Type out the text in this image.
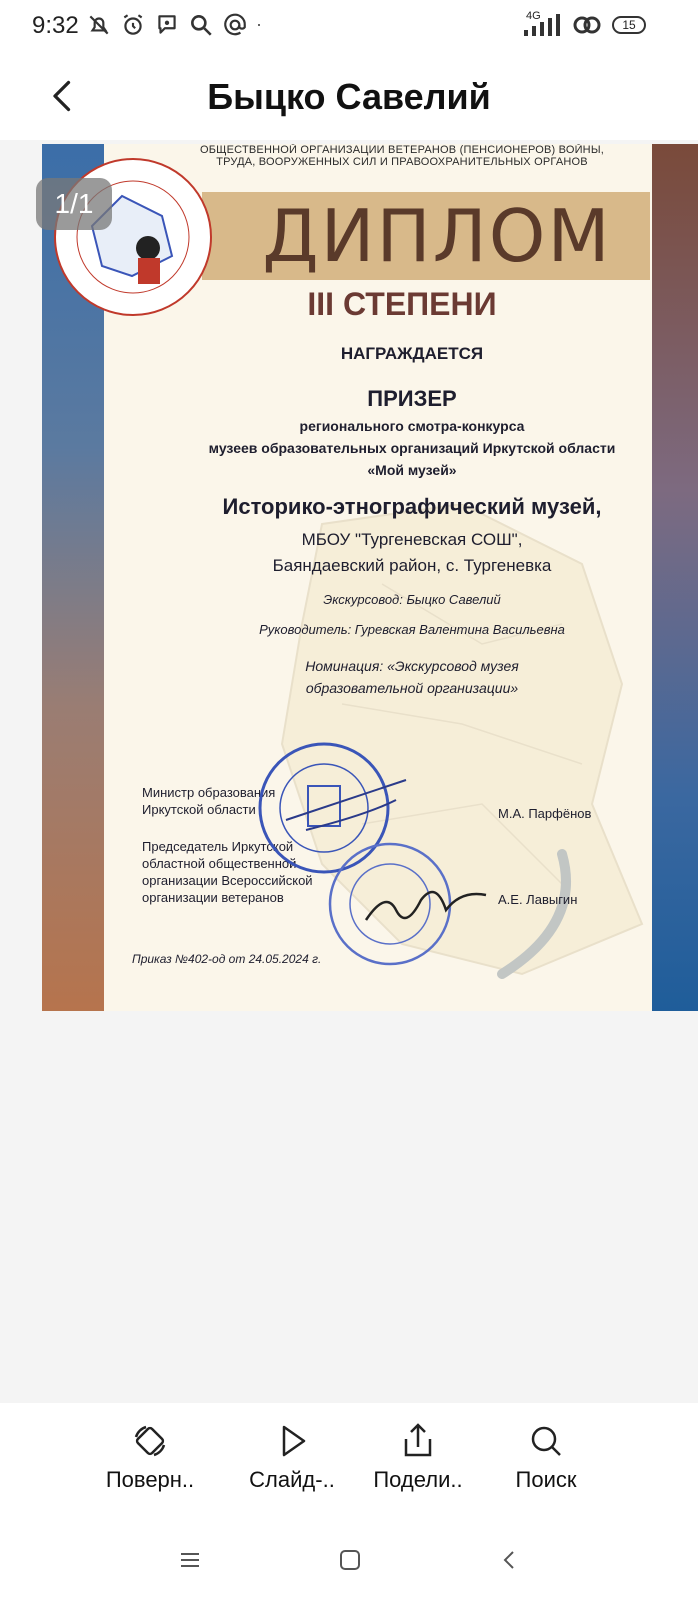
9:32	4G
15
Быцко Савелий
ОБЩЕСТВЕННОЙ ОРГАНИЗАЦИИ ВЕТЕРАНОВ (ПЕНСИОНЕРОВ) ВОЙНЫ,
ТРУДА, ВООРУЖЕННЫХ СИЛ И ПРАВООХРАНИТЕЛЬНЫХ ОРГАНОВ
ДИПЛОМ
III СТЕПЕНИ
НАГРАЖДАЕТСЯ
ПРИЗЕР
регионального смотра-конкурса
музеев образовательных организаций Иркутской области
«Мой музей»
Историко-этнографический музей,
МБОУ "Тургеневская СОШ",
Баяндаевский район, с. Тургеневка
Экскурсовод: Быцко Савелий
Руководитель: Гуревская Валентина Васильевна
Номинация: «Экскурсовод музея
образовательной организации»
Министр образования
Иркутской области	М.А. Парфёнов
Председатель Иркутской
областной общественной
организации Всероссийской
организации ветеранов	А.Е. Лавыгин
Приказ №402-од от 24.05.2024 г.
1/1
Поверн..	Слайд-..	Подели..	Поиск
